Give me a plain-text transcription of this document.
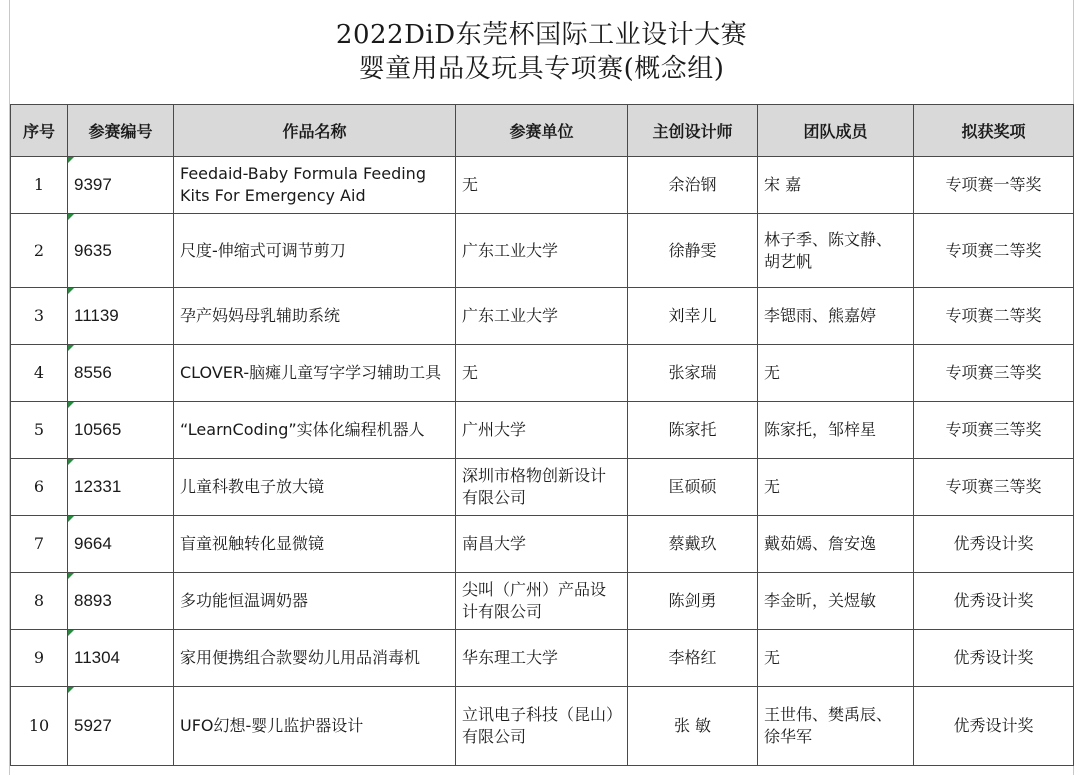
2022DiD东莞杯国际工业设计大赛
婴童用品及玩具专项赛(概念组)
序号	参赛编号	作品名称	参赛单位	主创设计师	团队成员	拟获奖项
1	9397	Feedaid-Baby Formula Feeding Kits For Emergency Aid	无	余治钢	宋 嘉	专项赛一等奖
2	9635	尺度-伸缩式可调节剪刀	广东工业大学	徐静雯	林子季、陈文静、胡艺帆	专项赛二等奖
3	11139	孕产妈妈母乳辅助系统	广东工业大学	刘幸儿	李锶雨、熊嘉婷	专项赛二等奖
4	8556	CLOVER-脑瘫儿童写字学习辅助工具	无	张家瑞	无	专项赛三等奖
5	10565	“LearnCoding”实体化编程机器人	广州大学	陈家托	陈家托，邹梓星	专项赛三等奖
6	12331	儿童科教电子放大镜	深圳市格物创新设计有限公司	匡硕硕	无	专项赛三等奖
7	9664	盲童视触转化显微镜	南昌大学	蔡戴玖	戴茹嫣、詹安逸	优秀设计奖
8	8893	多功能恒温调奶器	尖叫（广州）产品设计有限公司	陈剑勇	李金昕，关煜敏	优秀设计奖
9	11304	家用便携组合款婴幼儿用品消毒机	华东理工大学	李格红	无	优秀设计奖
10	5927	UFO幻想-婴儿监护器设计	立讯电子科技（昆山）有限公司	张 敏	王世伟、樊禹辰、徐华军	优秀设计奖
